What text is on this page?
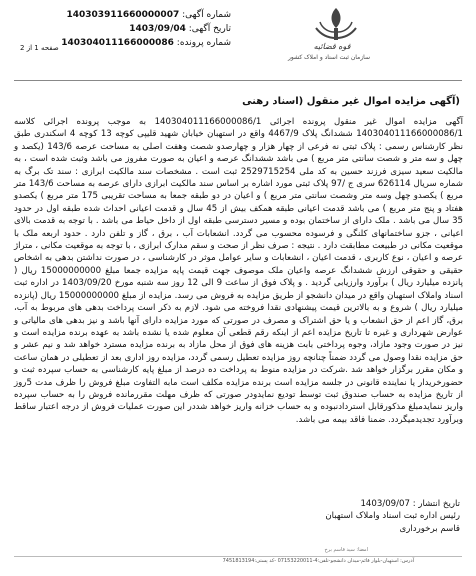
شماره آگهی: 140303911660000007
تاریخ آگهی: 1403/09/04
شماره پرونده: 140304011166000086
صفحه 1 از 2	قوه قضائیه
سازمان ثبت اسناد و املاک کشور
(آگهی مزایده اموال غیر منقول (اسناد رهنی
آگهی مزایده اموال غیر منقول پرونده اجرائی 140304011166000086/1 به موجب پرونده اجرائی کلاسه 140304011166000086/1 ششدانگ پلاک 4467/9 واقع در استهبان خیابان شهید قلیپی کوچه 13 کوچه 4 اسکندری طبق نظر کارشناس رسمی : پلاک ثبتی نه فرعی از چهار هزار و چهارصدو شصت وهفت اصلی به مساحت عرصه 143/6 (یکصد و چهل و سه متر و شصت سانتی متر مربع ) می باشد ششدانگ عرصه و اعیان به صورت مفروز می باشد وثبت شده است ، به مالکیت سعید سیزی فرزند حسین به کد ملی 2529715254 ثبت است . مشخصات سند مالکیت ابرازی : سند تک برگ به شماره سریال 626114 سری ج /97 پلاک ثبتی مورد اشاره بر اساس سند مالکیت ابرازی دارای عرصه به مساحت 143/6 متر مربع ) یکصدو چهل وسه متر وشصت سانتی متر مربع ) و اعیان در دو طبقه جمعا به مساحت تقریبی 175 متر مربع ) یکصدو هفتاد و پنج متر مربع ) می باشد قدمت اعیانی طبقه همکف بیش از 45 سال و قدمت اعیانی احداث شده طبقه اول در حدود 35 سال می باشد . ملک دارای از ساختمان بوده و مسیر دسترسی طبقه اول از داخل حیاط می باشد . با توجه به قدمت بالای اعیانی ، جزو ساختمانهای کلنگی و فرسوده محسوب می گردد. انشعابات آب ، برق ، گاز و تلفن دارد . حدود اربعه ملک با موقعیت مکانی در طبیعت مطابقت دارد . نتیجه : صرف نظر از صحت و سقم مدارک ابرازی ، با توجه به موقعیت مکانی ، متراژ عرصه و اعیان ، نوع کاربری ، قدمت اعیان ، انشعابات و سایر عوامل موثر در کارشناسی ، در صورت نداشتن بدهی به اشخاص حقیقی و حقوقی ارزش ششدانگ عرصه واعیان ملک موصوف جهت قیمت پایه مزایده جمعا مبلغ 15000000000 ریال ( پانزده میلیارد ریال ) برآورد وارزیابی گردید . و پلاک فوق از ساعت 9 الی 12 روز سه شنبه مورخ 1403/09/20 در اداره ثبت اسناد واملاک استهبان واقع در میدان دانشجو از طریق مزایده به فروش می رسد. مزایده از مبلغ 15000000000 ریال (پانزده میلیارد ریال ) شروع و به بالاترین قیمت پیشنهادی نقدا فروخته می شود. لازم به ذکر است پرداخت بدهی های مربوط به آب، برق، گاز اعم از حق انشعاب و یا حق اشتراک و مصرف در صورتی که مورد مزایده دارای آنها باشد و نیز بدهی های مالیاتی و عوارض شهرداری و غیره تا تاریخ مزایده اعم از اینکه رقم قطعی آن معلوم شده یا نشده باشد به عهده برنده مزایده است و نیز در صورت وجود مازاد، وجوه پرداختی بابت هزینه های فوق از محل مازاد به برنده مزایده مسترد خواهد شد و نیم عشر و حق مزایده نقدا وصول می گردد ضمناً چنانچه روز مزایده تعطیل رسمی گردد، مزایده روز اداری بعد از تعطیلی در همان ساعت و مکان مقرر برگزار خواهد شد .شرکت در مزایده منوط به پرداخت ده درصد از مبلغ پایه کارشناسی به حساب سپرده ثبت و حضورخریدار یا نماینده قانونی در جلسه مزایده است برنده مزایده مکلف است مابه التفاوت مبلغ فروش را ظرف مدت 5روز از تاریخ مزایده به حساب صندوق ثبت توسط تودیع نمایدودر صورتی که ظرف مهلت مقررمانده فروش را به حساب سپرده واریز ننمایدمبلغ مذکورقابل استردادنبوده و به حساب خزانه واریز خواهد شددر این صورت عملیات فروش از درجه اعتبار ساقط وبرآورد تجدیدمیگردد. ضمنا فاقد بیمه می باشد.
تاریخ انتشار : 1403/09/07
رئیس اداره ثبت اسناد واملاک استهبان
قاسم برخورداری
امضا: سید قاسم برخ
آدرس: استهبان-بلوار قائم-میدان دانشجو-تلفن:4-07153220011 -کد پستی:7451813194
